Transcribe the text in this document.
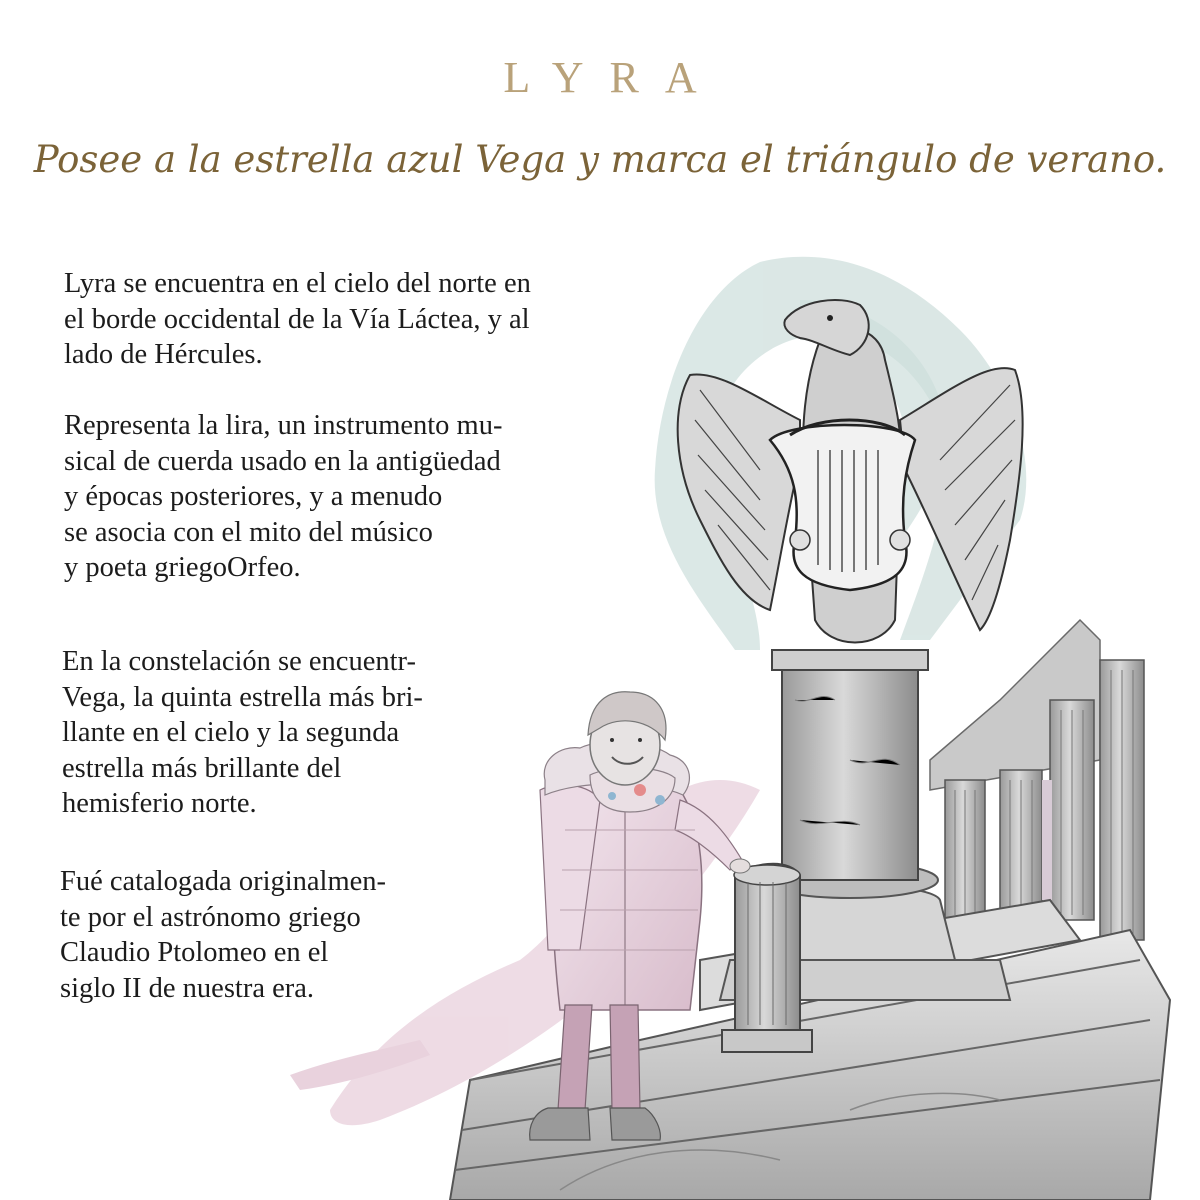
LYRA

Posee a la estrella azul Vega y marca el triángulo de verano.

Lyra se encuentra en el cielo del norte en
el borde occidental de la Vía Láctea, y al
lado de Hércules.

Representa la lira, un instrumento mu-
sical de cuerda usado en la antigüedad
y épocas posteriores, y a menudo
se asocia con el mito del músico
y poeta griegoOrfeo.

En la constelación se encuentr-
Vega, la quinta estrella más bri-
llante en el cielo y la segunda
estrella más brillante del
hemisferio norte.

Fué catalogada originalmen-
te por el astrónomo griego
Claudio Ptolomeo en el
siglo II de nuestra era.
